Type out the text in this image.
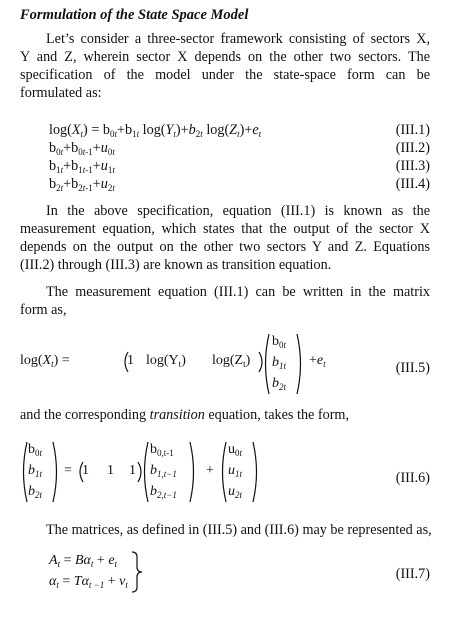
Formulation of the State Space Model
Let’s consider a three-sector framework consisting of sectors X,
Y and Z, wherein sector X depends on the other two sectors. The
specification of the model under the state-space form can be
formulated as:
$\log(X_t) = b_{0t}+b_{1t}$ $\log(Y_t)+b_{2t}$ $\log(Z_t)+e_t$	(III.1)
$b_{0t}+b_{0t-1}+u_{0t}$	(III.2)
$b_{1t}+b_{1t-1}+u_{1t}$	(III.3)
$b_{2t}+b_{2t-1}+u_{2t}$	(III.4)
In the above specification, equation (III.1) is known as the
measurement equation, which states that the output of the sector X
depends on the output on the other two sectors Y and Z. Equations
(III.2) through (III.3) are known as transition equation.
The measurement equation (III.1) can be written in the matrix
form as,
$\log(X_t)$ =	1 $\log(Y_t)$ $\log(Z_t)$
$b_{0t}$
$b_{1t}$
$b_{2t}$
$+e_t$	(III.5)
and the corresponding transition equation, takes the form,
$b_{0t}$
$b_{1t}$
$b_{2t}$
= 1 1 1
$b_{0,t-1}$
$b_{1,t-1}$
$b_{2,t-1}$
+
$u_{0t}$
$u_{1t}$
$u_{2t}$
(III.6)
The matrices, as defined in (III.5) and (III.6) may be represented as,
$A_t = B\alpha_t + e_t$
$\alpha_t = T\alpha_{t -1} + v_t$
(III.7)
